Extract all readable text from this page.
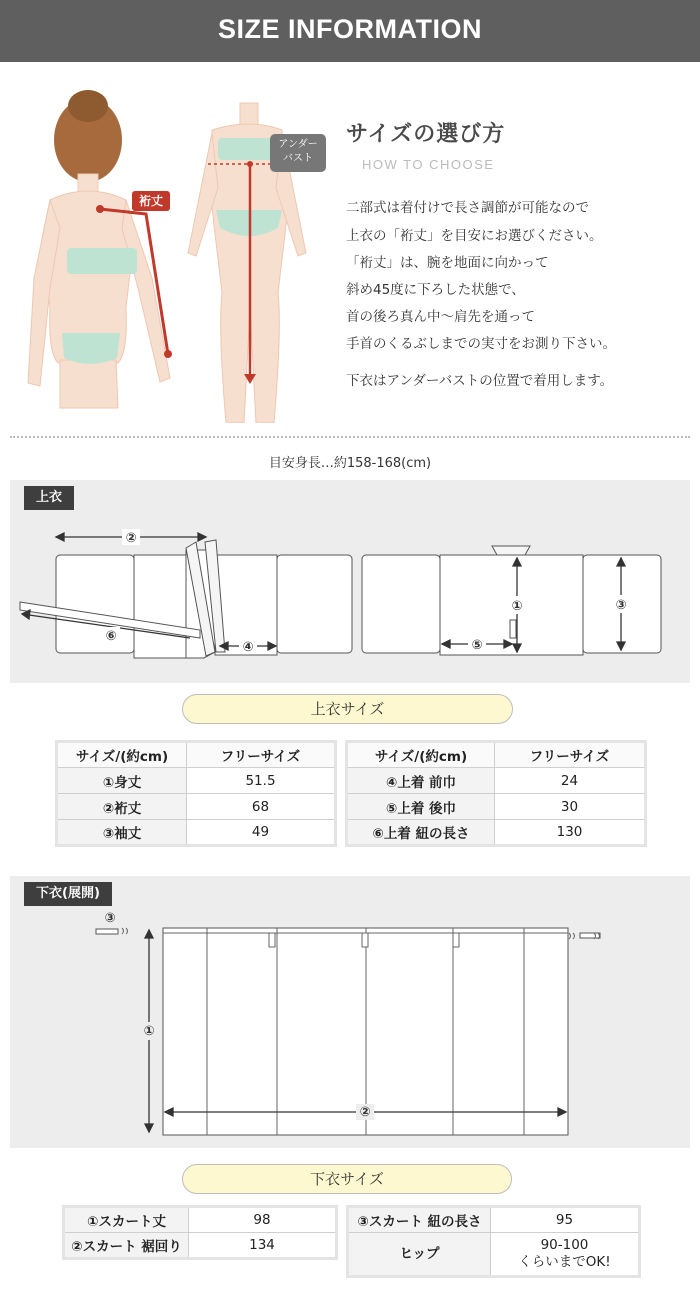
SIZE INFORMATION
裄丈
アンダー
バスト
サイズの選び方
HOW TO CHOOSE
二部式は着付けで長さ調節が可能なので
上衣の「裄丈」を目安にお選びください。
「裄丈」は、腕を地面に向かって
斜め45度に下ろした状態で、
首の後ろ真ん中〜肩先を通って
手首のくるぶしまでの実寸をお測り下さい。
下衣はアンダーバストの位置で着用します。
目安身長…約158-168(cm)
上衣
②
⑥
④
①
⑤
③
上衣サイズ
サイズ/(約cm)	フリーサイズ
①身丈	51.5
②裄丈	68
③袖丈	49
サイズ/(約cm)	フリーサイズ
④上着 前巾	24
⑤上着 後巾	30
⑥上着 紐の長さ	130
下衣(展開)
①
②
③
下衣サイズ
①スカート丈	98
②スカート 裾回り	134
③スカート 紐の長さ	95
ヒップ	90-100
くらいまでOK!
